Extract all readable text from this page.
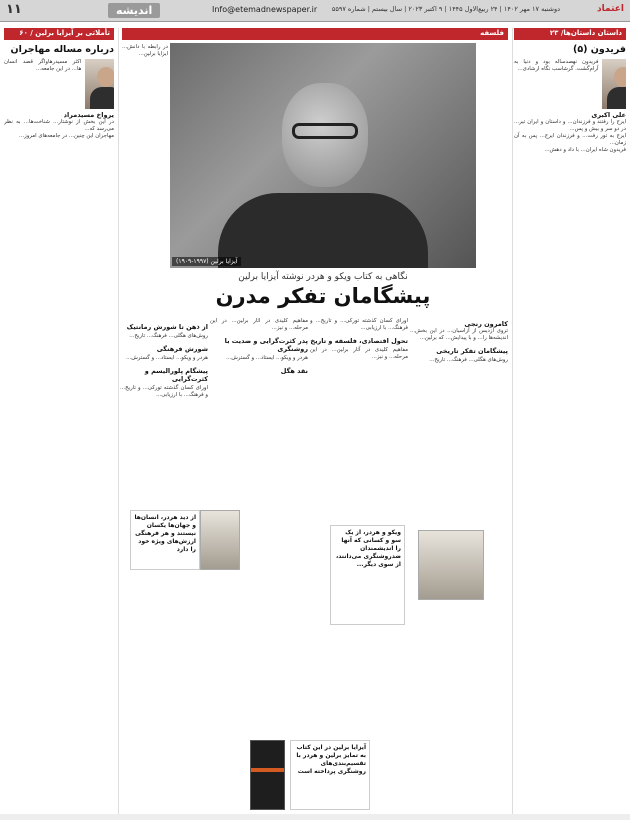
اعتماد
دوشنبه ۱۷ مهر ۱۴۰۲ | ۲۴ ربیع‌الاول ۱۴۴۵ | ۹ اکتبر ۲۰۲۳ | سال بیستم | شماره ۵۵۹۷
Info@etemadnewspaper.ir
اندیشه
۱۱
داستان‌ داستان‌ها/ ۲۳
فریدون (۵)
فریدون نهصدساله بود و دنیا به آرام‌گشت. گرشاسب نگاه ارشادی...
علی‌ اکبری

ایرج را رفتند و فرزندان... و داستان و ایران تیر... در دو سر و بیش و پس...

ایرج به تور رفت... و فرزندان ایرج... پس به آن زمان...

فریدون‌ شاه ایران... با داد و دهش...

تأملاتی بر آیزایا برلین / ۶۰
درباره مساله مهاجران
اکثر مسیدرهاواگر قصد انسان ها... در این جامعه...
یرواخ مسیدمراد

در این بخش از نوشتار... شناخت‌ها... به‌ نظر می‌رسد که...

مهاجران این چنین... در جامعه‌های امروز...

فلسفه

در رابطه با دانش... ایزایا برلین...

آیزایا برلین (۱۹۹۷-۱۹۰۹)
نگاهی به کتاب ویکو و هردر نوشته آیزایا برلین
پیشگامان تفکر مدرن
کامرون رنجی

تروی ازدیس از آزاسیان... در این بخش... اندیشه‌ها را... و با پیدایش... که برلین...

پیشگامان تفکر تاریخی

روش‌های هگلی... فرهنگ... تاریخ...

اورای کسان گذشته تورکی... و تاریخ... و فرهنگ... با ارزیابی...

تحول اقتصادی، فلسفه و تاریخ

مفاهیم کلیدی در آثار برلین... در این مرحله... و نیز...

مفاهیم کلیدی در آثار برلین... در این مرحله... و نیز...

پدر کثرت‌گرایی و ضدیت با روشنگری

هردر و ویکو... ایستاد... و گسترش...

نقد هگل
از ذهن تا شورش رمانتیک

روش‌های هگلی... فرهنگ... تاریخ...

شورش فرهنگی

هردر و ویکو... ایستاد... و گسترش...

پیشگام پلورالیسم و کثرت‌گرایی

اورای کسان گذشته تورکی... و تاریخ... و فرهنگ... با ارزیابی...

ویکو و هردر، از یک سو و کسانی که آنها را اندیشمندان ضدروشنگری می‌دانند، از سوی دیگر...
از دید هردر، انسان‌ها و جهان‌ها یکسان نیستند و هر فرهنگی ارزش‌های ویژه خود را دارد
آیزایا برلین در این کتاب به تمایز برلین و هردر با تقسیم‌بندی‌های روشنگری پرداخته است
